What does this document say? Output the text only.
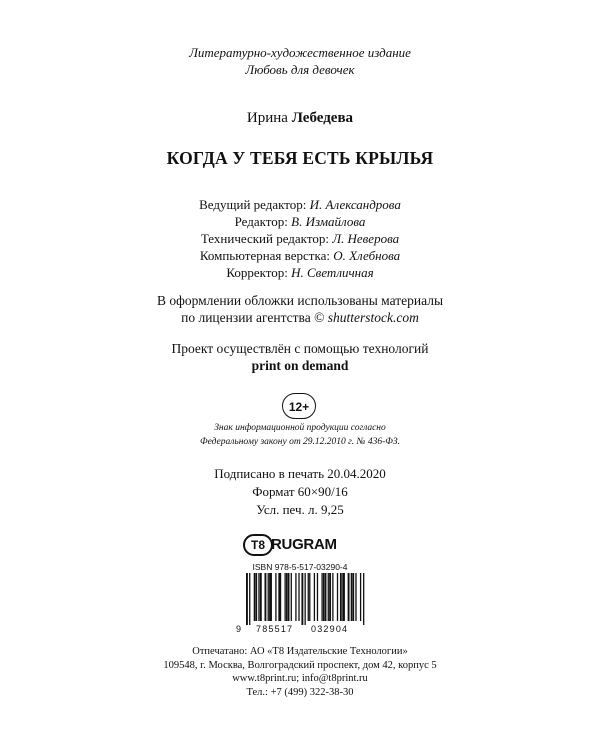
Литературно-художественное издание
Любовь для девочек
Ирина Лебедева
КОГДА У ТЕБЯ ЕСТЬ КРЫЛЬЯ
Ведущий редактор: И. Александрова
Редактор: В. Измайлова
Технический редактор: Л. Неверова
Компьютерная верстка: О. Хлебнова
Корректор: Н. Светличная
В оформлении обложки использованы материалы
по лицензии агентства © shutterstock.com
Проект осуществлён с помощью технологий
print on demand
12+
Знак информационной продукции согласно
Федеральному закону от 29.12.2010 г. № 436-ФЗ.
Подписано в печать 20.04.2020
Формат 60×90/16
Усл. печ. л. 9,25
T8 RUGRAM
ISBN 978-5-517-03290-4
9 785517 032904
Отпечатано: АО «Т8 Издательские Технологии»
109548, г. Москва, Волгоградский проспект, дом 42, корпус 5
www.t8print.ru; info@t8print.ru
Тел.: +7 (499) 322-38-30
